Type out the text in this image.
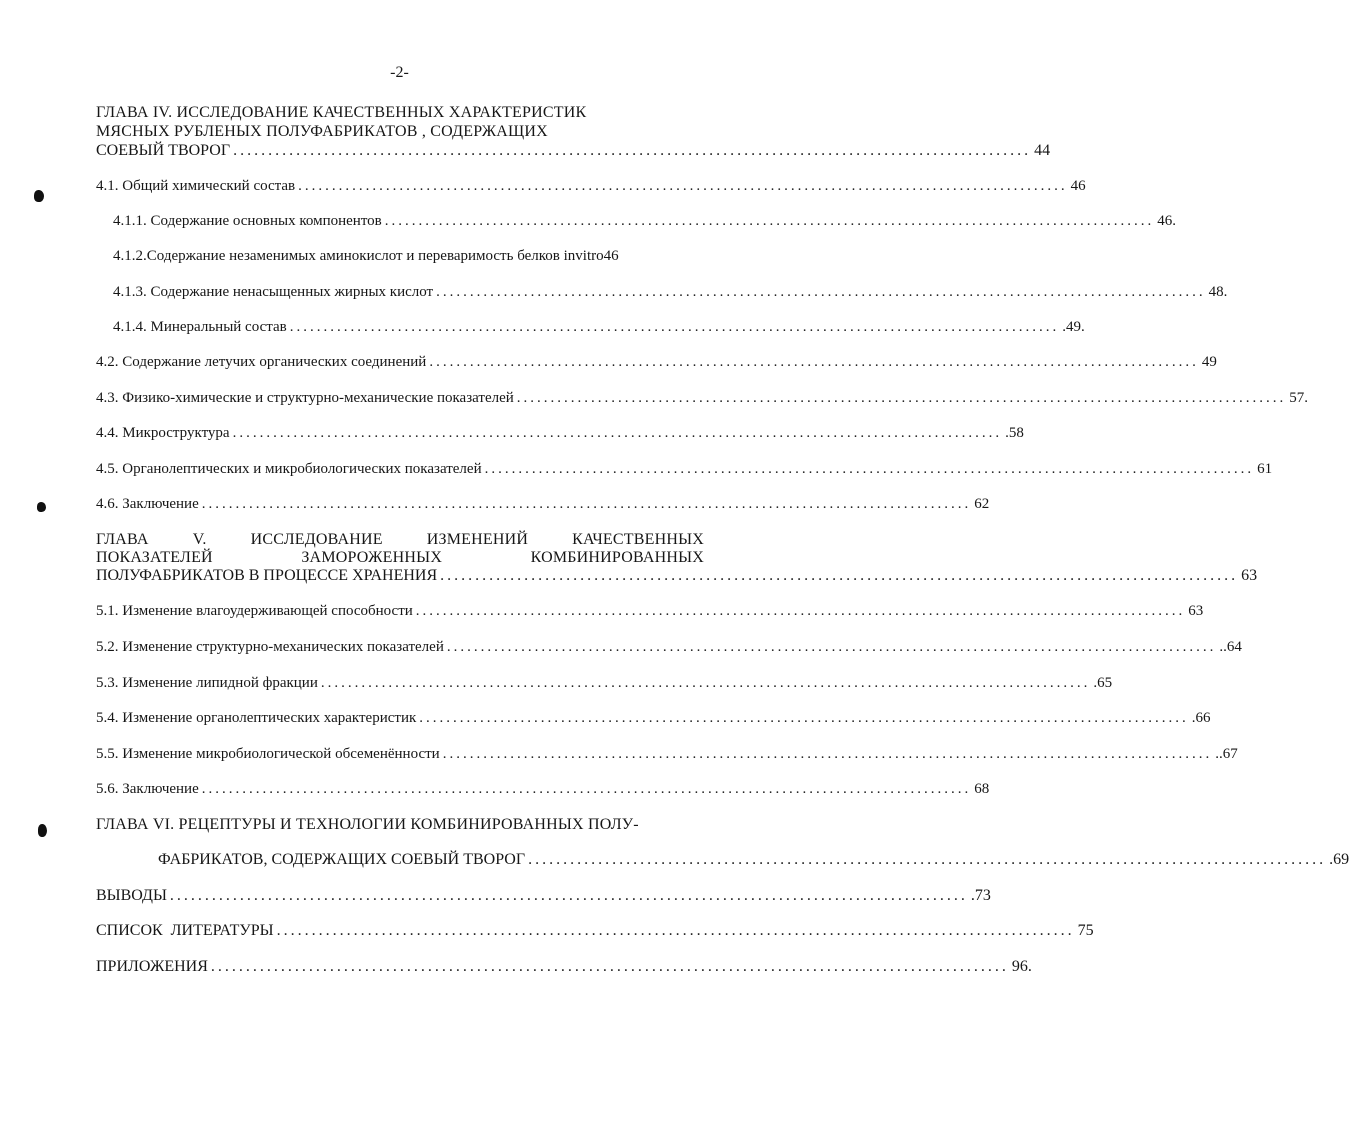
-2-
ГЛАВА IV. ИССЛЕДОВАНИЕ КАЧЕСТВЕННЫХ ХАРАКТЕРИСТИК
МЯСНЫХ РУБЛЕНЫХ ПОЛУФАБРИКАТОВ , СОДЕРЖАЩИХ
СОЕВЫЙ ТВОРОГ .................................................................................................................. 44
4.1. Общий химический состав .................................................................................................................. 46
4.1.1. Содержание основных компонентов .................................................................................................................. 46.
4.1.2.Содержание незаменимых аминокислот и переваримость белков invitro 46
4.1.3. Содержание ненасыщенных жирных кислот .................................................................................................................. 48.
4.1.4. Минеральный состав .................................................................................................................. .49.
4.2. Содержание летучих органических соединений .................................................................................................................. 49
4.3. Физико-химические и структурно-механические показателей .................................................................................................................. 57.
4.4. Микроструктура .................................................................................................................. .58
4.5. Органолептических и микробиологических показателей .................................................................................................................. 61
4.6. Заключение .................................................................................................................. 62
ГЛАВА V. ИССЛЕДОВАНИЕ ИЗМЕНЕНИЙ КАЧЕСТВЕННЫХ
ПОКАЗАТЕЛЕЙ ЗАМОРОЖЕННЫХ КОМБИНИРОВАННЫХ
ПОЛУФАБРИКАТОВ В ПРОЦЕССЕ ХРАНЕНИЯ .................................................................................................................. 63
5.1. Изменение влагоудерживающей способности .................................................................................................................. 63
5.2. Изменение структурно-механических показателей .................................................................................................................. ..64
5.3. Изменение липидной фракции .................................................................................................................. .65
5.4. Изменение органолептических характеристик .................................................................................................................. .66
5.5. Изменение микробиологической обсеменённости .................................................................................................................. ..67
5.6. Заключение .................................................................................................................. 68
ГЛАВА VI. РЕЦЕПТУРЫ И ТЕХНОЛОГИИ КОМБИНИРОВАННЫХ ПОЛУ-
ФАБРИКАТОВ, СОДЕРЖАЩИХ СОЕВЫЙ ТВОРОГ .................................................................................................................. .69
ВЫВОДЫ .................................................................................................................. .73
СПИСОК  ЛИТЕРАТУРЫ .................................................................................................................. 75
ПРИЛОЖЕНИЯ .................................................................................................................. 96.
